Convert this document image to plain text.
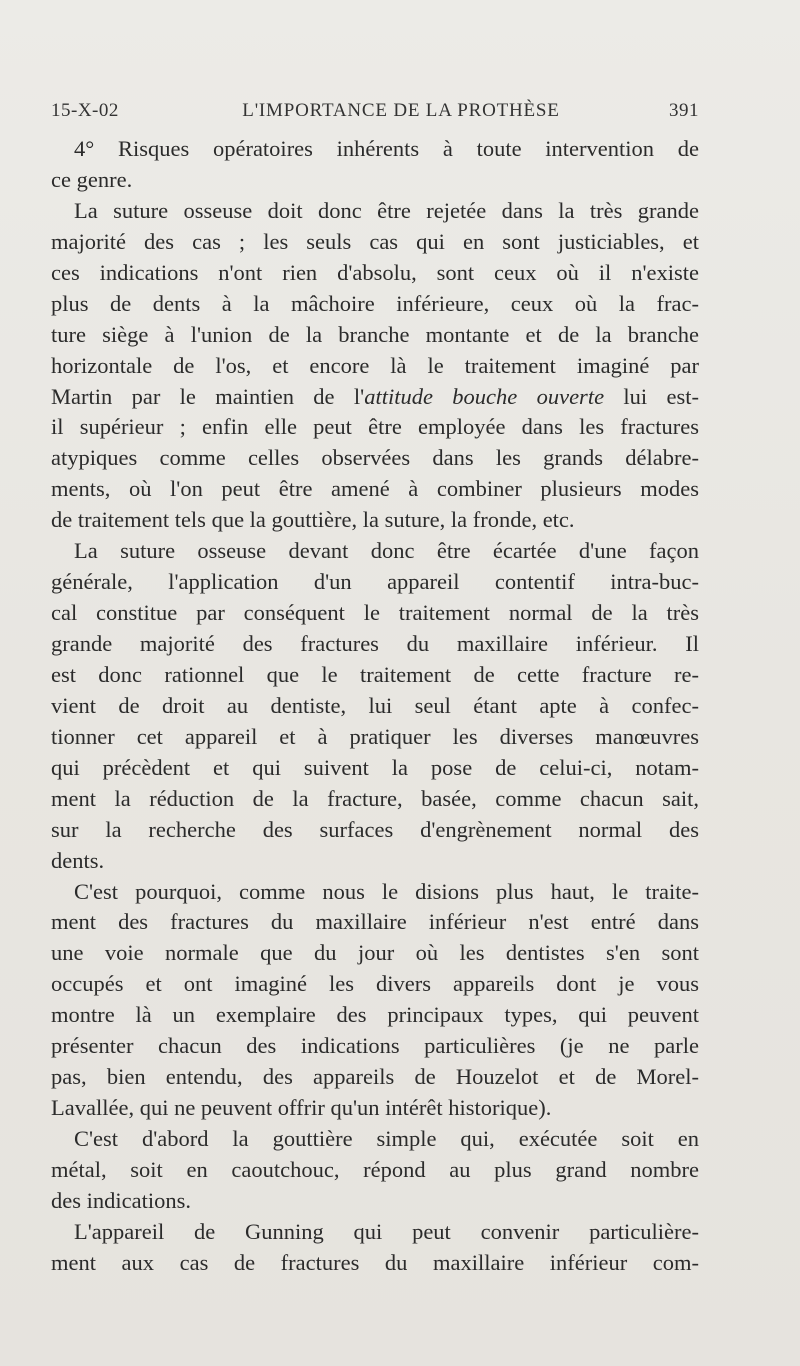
15-X-02	L'IMPORTANCE DE LA PROTHÈSE	391
4° Risques opératoires inhérents à toute intervention de
ce genre.
La suture osseuse doit donc être rejetée dans la très grande
majorité des cas ; les seuls cas qui en sont justiciables, et
ces indications n'ont rien d'absolu, sont ceux où il n'existe
plus de dents à la mâchoire inférieure, ceux où la frac-
ture siège à l'union de la branche montante et de la branche
horizontale de l'os, et encore là le traitement imaginé par
Martin par le maintien de l'attitude bouche ouverte lui est-
il supérieur ; enfin elle peut être employée dans les fractures
atypiques comme celles observées dans les grands délabre-
ments, où l'on peut être amené à combiner plusieurs modes
de traitement tels que la gouttière, la suture, la fronde, etc.
La suture osseuse devant donc être écartée d'une façon
générale, l'application d'un appareil contentif intra-buc-
cal constitue par conséquent le traitement normal de la très
grande majorité des fractures du maxillaire inférieur. Il
est donc rationnel que le traitement de cette fracture re-
vient de droit au dentiste, lui seul étant apte à confec-
tionner cet appareil et à pratiquer les diverses manœuvres
qui précèdent et qui suivent la pose de celui-ci, notam-
ment la réduction de la fracture, basée, comme chacun sait,
sur la recherche des surfaces d'engrènement normal des
dents.
C'est pourquoi, comme nous le disions plus haut, le traite-
ment des fractures du maxillaire inférieur n'est entré dans
une voie normale que du jour où les dentistes s'en sont
occupés et ont imaginé les divers appareils dont je vous
montre là un exemplaire des principaux types, qui peuvent
présenter chacun des indications particulières (je ne parle
pas, bien entendu, des appareils de Houzelot et de Morel-
Lavallée, qui ne peuvent offrir qu'un intérêt historique).
C'est d'abord la gouttière simple qui, exécutée soit en
métal, soit en caoutchouc, répond au plus grand nombre
des indications.
L'appareil de Gunning qui peut convenir particulière-
ment aux cas de fractures du maxillaire inférieur com-
